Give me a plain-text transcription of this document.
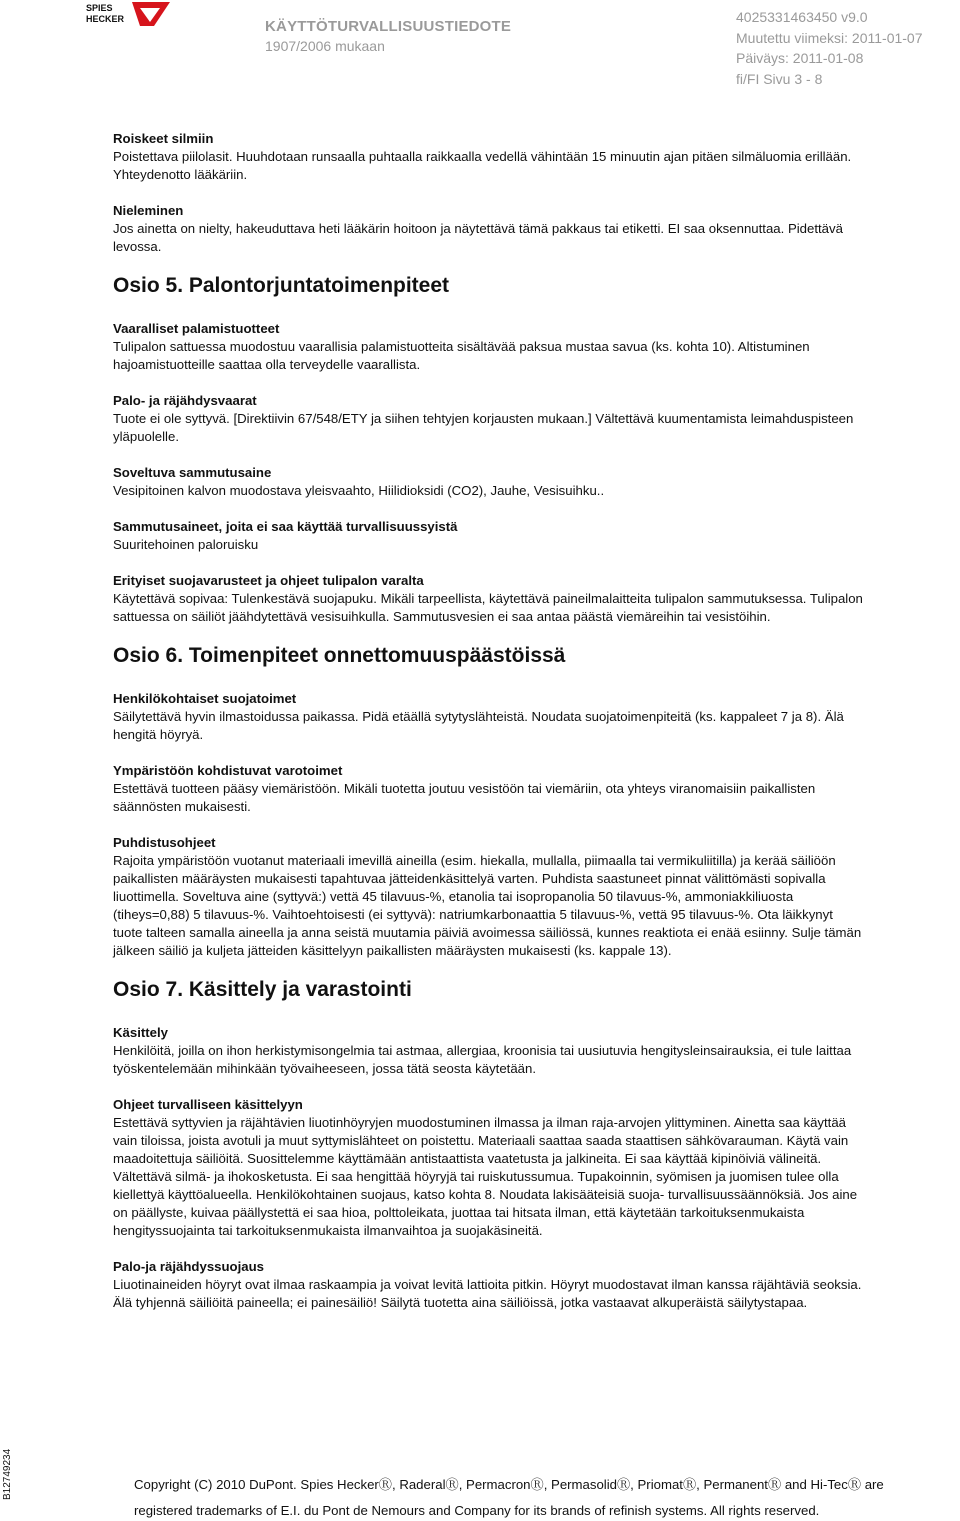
SPIES
HECKER	KÄYTTÖTURVALLISUUSTIEDOTE
1907/2006 mukaan
4025331463450 v9.0
Muutettu viimeksi: 2011-01-07
Päiväys: 2011-01-08
fi/FI Sivu 3 - 8
Roiskeet silmiin

Poistettava piilolasit. Huuhdotaan runsaalla puhtaalla raikkaalla vedellä vähintään 15 minuutin ajan pitäen silmäluomia erillään.

Yhteydenotto lääkäriin.

Nieleminen

Jos ainetta on nielty, hakeuduttava heti lääkärin hoitoon ja näytettävä tämä pakkaus tai etiketti. EI saa oksennuttaa. Pidettävä

levossa.

Osio 5. Palontorjuntatoimenpiteet
Vaaralliset palamistuotteet

Tulipalon sattuessa muodostuu vaarallisia palamistuotteita sisältävää paksua mustaa savua (ks. kohta 10). Altistuminen

hajoamistuotteille saattaa olla terveydelle vaarallista.

Palo- ja räjähdysvaarat

Tuote ei ole syttyvä. [Direktiivin 67/548/ETY ja siihen tehtyjen korjausten mukaan.] Vältettävä kuumentamista leimahduspisteen

yläpuolelle.

Soveltuva sammutusaine

Vesipitoinen kalvon muodostava yleisvaahto, Hiilidioksidi (CO2), Jauhe, Vesisuihku..

Sammutusaineet, joita ei saa käyttää turvallisuussyistä

Suuritehoinen paloruisku

Erityiset suojavarusteet ja ohjeet tulipalon varalta

Käytettävä sopivaa: Tulenkestävä suojapuku. Mikäli tarpeellista, käytettävä paineilmalaitteita tulipalon sammutuksessa. Tulipalon

sattuessa on säiliöt jäähdytettävä vesisuihkulla. Sammutusvesien ei saa antaa päästä viemäreihin tai vesistöihin.

Osio 6. Toimenpiteet onnettomuuspäästöissä
Henkilökohtaiset suojatoimet

Säilytettävä hyvin ilmastoidussa paikassa. Pidä etäällä sytytyslähteistä. Noudata suojatoimenpiteitä (ks. kappaleet 7 ja 8). Älä

hengitä höyryä.

Ympäristöön kohdistuvat varotoimet

Estettävä tuotteen pääsy viemäristöön. Mikäli tuotetta joutuu vesistöön tai viemäriin, ota yhteys viranomaisiin paikallisten

säännösten mukaisesti.

Puhdistusohjeet

Rajoita ympäristöön vuotanut materiaali imevillä aineilla (esim. hiekalla, mullalla, piimaalla tai vermikuliitilla) ja kerää säiliöön

paikallisten määräysten mukaisesti tapahtuvaa jätteidenkäsittelyä varten. Puhdista saastuneet pinnat välittömästi sopivalla

liuottimella. Soveltuva aine (syttyvä:) vettä 45 tilavuus-%, etanolia tai isopropanolia 50 tilavuus-%, ammoniakkiliuosta

(tiheys=0,88) 5 tilavuus-%. Vaihtoehtoisesti (ei syttyvä): natriumkarbonaattia 5 tilavuus-%, vettä 95 tilavuus-%. Ota läikkynyt

tuote talteen samalla aineella ja anna seistä muutamia päiviä avoimessa säiliössä, kunnes reaktiota ei enää esiinny. Sulje tämän

jälkeen säiliö ja kuljeta jätteiden käsittelyyn paikallisten määräysten mukaisesti (ks. kappale 13).

Osio 7. Käsittely ja varastointi
Käsittely

Henkilöitä, joilla on ihon herkistymisongelmia tai astmaa, allergiaa, kroonisia tai uusiutuvia hengitysleinsairauksia, ei tule laittaa

työskentelemään mihinkään työvaiheeseen, jossa tätä seosta käytetään.

Ohjeet turvalliseen käsittelyyn

Estettävä syttyvien ja räjähtävien liuotinhöyryjen muodostuminen ilmassa ja ilman raja-arvojen ylittyminen. Ainetta saa käyttää

vain tiloissa, joista avotuli ja muut syttymislähteet on poistettu. Materiaali saattaa saada staattisen sähkövarauman. Käytä vain

maadoitettuja säiliöitä. Suosittelemme käyttämään antistaattista vaatetusta ja jalkineita. Ei saa käyttää kipinöiviä välineitä.

Vältettävä silmä- ja ihokosketusta. Ei saa hengittää höyryjä tai ruiskutussumua. Tupakoinnin, syömisen ja juomisen tulee olla

kiellettyä käyttöalueella. Henkilökohtainen suojaus, katso kohta 8. Noudata lakisääteisiä suoja- turvallisuussäännöksiä. Jos aine

on päällyste, kuivaa päällystettä ei saa hioa, polttoleikata, juottaa tai hitsata ilman, että käytetään tarkoituksenmukaista

hengityssuojainta tai tarkoituksenmukaista ilmanvaihtoa ja suojakäsineitä.

Palo-ja räjähdyssuojaus

Liuotinaineiden höyryt ovat ilmaa raskaampia ja voivat levitä lattioita pitkin. Höyryt muodostavat ilman kanssa räjähtäviä seoksia.

Älä tyhjennä säiliöitä paineella; ei painesäiliö! Säilytä tuotetta aina säiliöissä, jotka vastaavat alkuperäistä säilytystapaa.

B12749234	Copyright (C) 2010 DuPont. Spies HeckerⓇ, RaderalⓇ, PermacronⓇ, PermasolidⓇ, PriomatⓇ, PermanentⓇ and Hi-TecⓇ are
registered trademarks of E.I. du Pont de Nemours and Company for its brands of refinish systems. All rights reserved.
